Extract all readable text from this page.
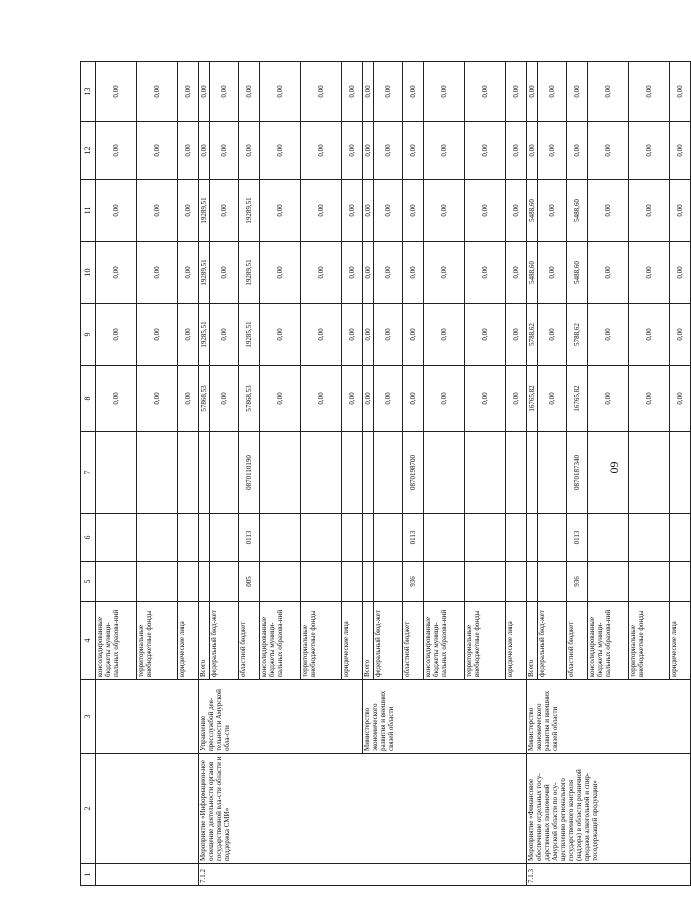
60
1	2	3	4	5	6	7	8	9	10	11	12	13
			консолидированные бюджеты муници-пальных образова-ний				0,00	0,00	0,00	0,00	0,00	0,00
			территориальные внебюджетные фонды				0,00	0,00	0,00	0,00	0,00	0,00
			юридические лица				0,00	0,00	0,00	0,00	0,00	0,00
7.1.2	Мероприятие «Информацион-ное освещение деятельности органов государственной вла-сти области и поддержка СМИ»	Управление пресслужбой дея-тельности Амурской обла-сти	Всего				57868,53	19285,51	19289,51	19289,51	0,00	0,00
			федеральный бюд-жет				0,00	0,00	0,00	0,00	0,00	0,00
			областной бюджет	005	0113	0870110190	57868,53	19285,51	19289,51	19289,51	0,00	0,00
			консолидированные бюджеты муници-пальных образова-ний				0,00	0,00	0,00	0,00	0,00	0,00
			территориальные внебюджетные фонды				0,00	0,00	0,00	0,00	0,00	0,00
			юридические лица				0,00	0,00	0,00	0,00	0,00	0,00
		Министерство экономического развития и внешних связей области	Всего				0,00	0,00	0,00	0,00	0,00	0,00
			федеральный бюд-жет				0,00	0,00	0,00	0,00	0,00	0,00
			областной бюджет	936	0113	0870198700	0,00	0,00	0,00	0,00	0,00	0,00
			консолидированные бюджеты муници-пальных образова-ний				0,00	0,00	0,00	0,00	0,00	0,00
			территориальные внебюджетные фонды				0,00	0,00	0,00	0,00	0,00	0,00
			юридические лица				0,00	0,00	0,00	0,00	0,00	0,00
7.1.3	Мероприятие «Финансовое обеспечение отдельных госу-дарственных полномочий Амурской области по осу-ществлению регионального государственного контроля (надзора) в области розничной продажи алкогольной и спир-тосодержащей продукции»	Министерство экономического развития и внешних связей области	Всего				16765,82	5788,62	5488,60	5488,60	0,00	0,00
			федеральный бюд-жет				0,00	0,00	0,00	0,00	0,00	0,00
			областной бюджет	936	0113	0870187340	16765,82	5788,62	5488,60	5488,60	0,00	0,00
			консолидированные бюджеты муници-пальных образова-ний				0,00	0,00	0,00	0,00	0,00	0,00
			территориальные внебюджетные фонды				0,00	0,00	0,00	0,00	0,00	0,00
			юридические лица				0,00	0,00	0,00	0,00	0,00	0,00
